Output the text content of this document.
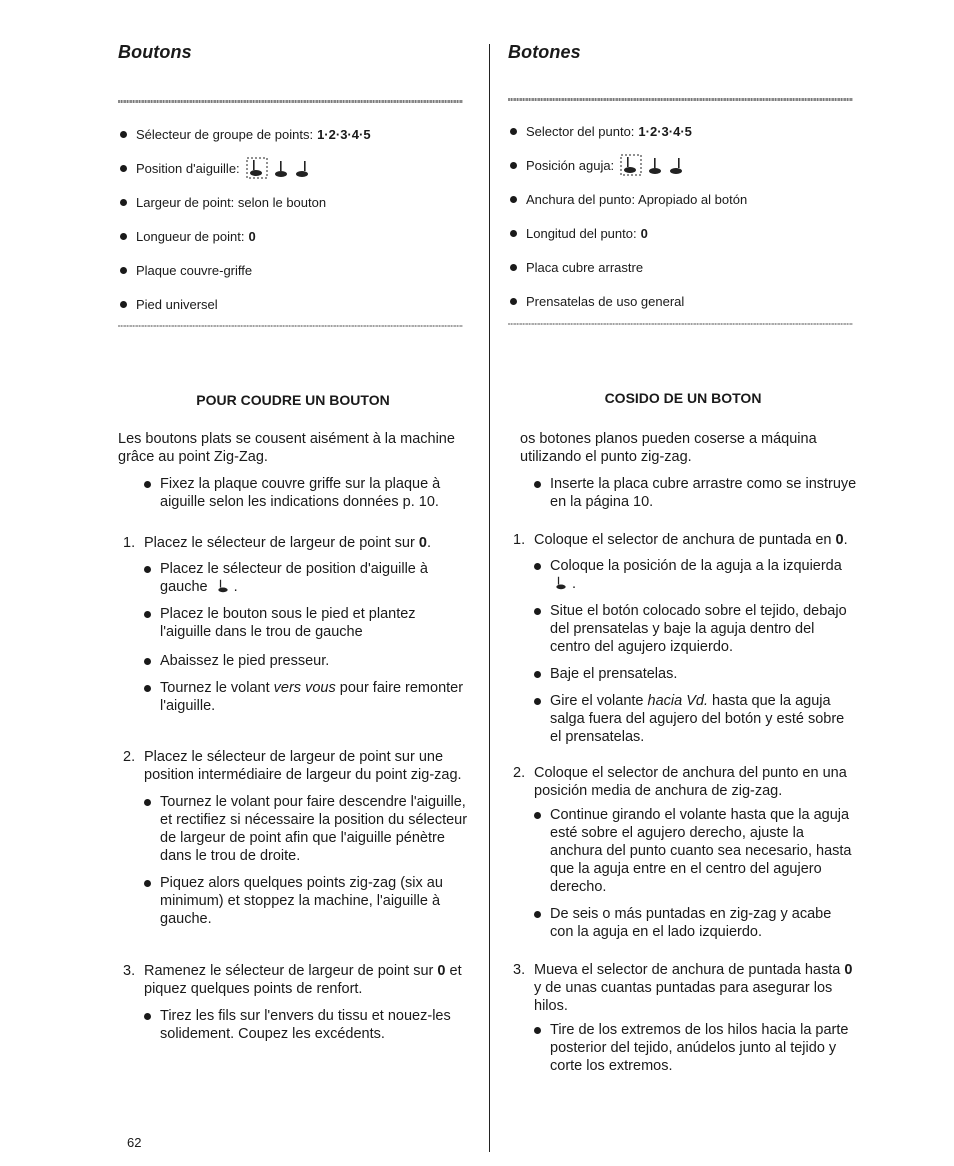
Boutons
Sélecteur de groupe de points: 1·2·3·4·5
Position d'aiguille:
Largeur de point: selon le bouton
Longueur de point: 0
Plaque couvre-griffe
Pied universel
POUR COUDRE UN BOUTON

Les boutons plats se cousent aisément à la machine grâce au point Zig-Zag.

Fixez la plaque couvre griffe sur la plaque à aiguille selon les indications données p. 10.

1. Placez le sélecteur de largeur de point sur 0.

Placez le sélecteur de position d'aiguille à gauche .

Placez le bouton sous le pied et plantez l'aiguille dans le trou de gauche

Abaissez le pied presseur.

Tournez le volant vers vous pour faire remonter l'aiguille.

2. Placez le sélecteur de largeur de point sur une position intermédiaire de largeur du point zig-zag.

Tournez le volant pour faire descendre l'aiguille, et rectifiez si nécessaire la position du sélecteur de largeur de point afin que l'aiguille pénètre dans le trou de droite.

Piquez alors quelques points zig-zag (six au minimum) et stoppez la machine, l'aiguille à gauche.

3. Ramenez le sélecteur de largeur de point sur 0 et piquez quelques points de renfort.

Tirez les fils sur l'envers du tissu et nouez-les solidement. Coupez les excédents.

62
Botones
Selector del punto: 1·2·3·4·5
Posición aguja:
Anchura del punto: Apropiado al botón
Longitud del punto: 0
Placa cubre arrastre
Prensatelas de uso general
COSIDO DE UN BOTON

os botones planos pueden coserse a máquina utilizando el punto zig-zag.

Inserte la placa cubre arrastre como se instruye en la página 10.

1. Coloque el selector de anchura de puntada en 0.

Coloque la posición de la aguja a la izquierda  .

Situe el botón colocado sobre el tejido, debajo del prensatelas y baje la aguja dentro del centro del agujero izquierdo.

Baje el prensatelas.

Gire el volante hacia Vd. hasta que la aguja salga fuera del agujero del botón y esté sobre el prensatelas.

2. Coloque el selector de anchura del punto en una posición media de anchura de zig-zag.

Continue girando el volante hasta que la aguja esté sobre el agujero derecho, ajuste la anchura del punto cuanto sea necesario, hasta que la aguja entre en el centro del agujero derecho.

De seis o más puntadas en zig-zag y acabe con la aguja en el lado izquierdo.

3. Mueva el selector de anchura de puntada hasta 0 y de unas cuantas puntadas para asegurar los hilos.

Tire de los extremos de los hilos hacia la parte posterior del tejido, anúdelos junto al tejido y corte los extremos.
